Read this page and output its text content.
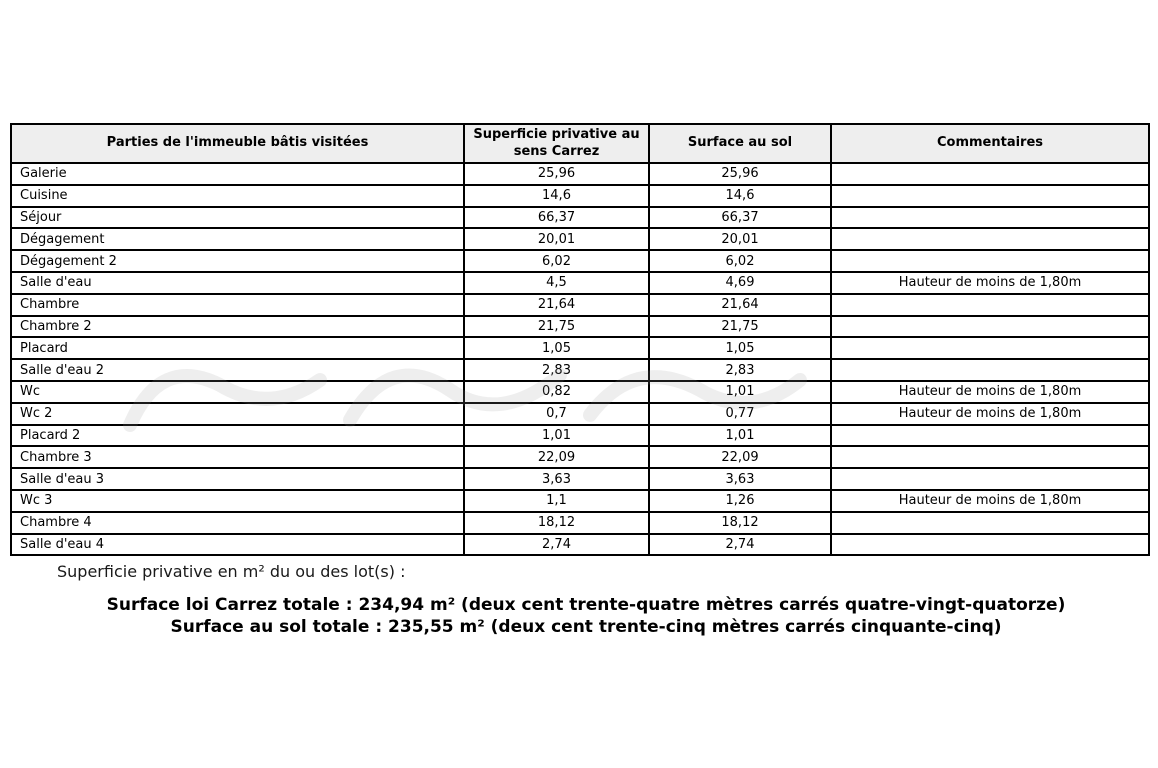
Parties de l'immeuble bâtis visitées	Superficie privative au sens Carrez	Surface au sol	Commentaires
Galerie	25,96	25,96	
Cuisine	14,6	14,6	
Séjour	66,37	66,37	
Dégagement	20,01	20,01	
Dégagement 2	6,02	6,02	
Salle d'eau	4,5	4,69	Hauteur de moins de 1,80m
Chambre	21,64	21,64	
Chambre 2	21,75	21,75	
Placard	1,05	1,05	
Salle d'eau 2	2,83	2,83	
Wc	0,82	1,01	Hauteur de moins de 1,80m
Wc 2	0,7	0,77	Hauteur de moins de 1,80m
Placard 2	1,01	1,01	
Chambre 3	22,09	22,09	
Salle d'eau 3	3,63	3,63	
Wc 3	1,1	1,26	Hauteur de moins de 1,80m
Chambre 4	18,12	18,12	
Salle d'eau 4	2,74	2,74	
Superficie privative en m² du ou des lot(s) :
Surface loi Carrez totale : 234,94 m² (deux cent trente-quatre mètres carrés quatre-vingt-quatorze)
Surface au sol totale : 235,55 m² (deux cent trente-cinq mètres carrés cinquante-cinq)
